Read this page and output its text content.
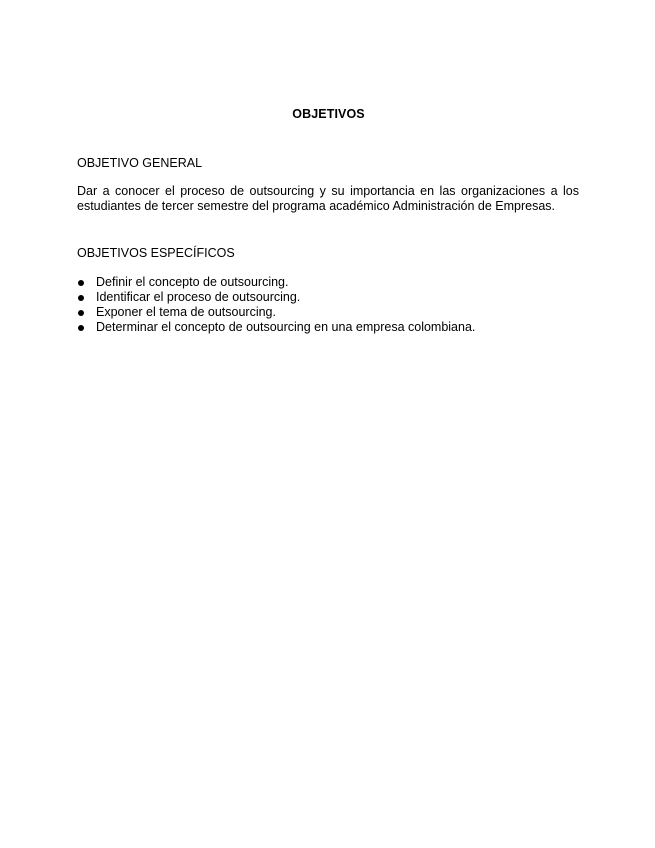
OBJETIVOS
OBJETIVO GENERAL
Dar a conocer el proceso de outsourcing y su importancia en las organizaciones a los estudiantes de tercer semestre del programa académico Administración de Empresas.
OBJETIVOS ESPECÍFICOS
Definir el concepto de outsourcing.
Identificar el proceso de outsourcing.
Exponer el tema de outsourcing.
Determinar el concepto de outsourcing en una empresa colombiana.
